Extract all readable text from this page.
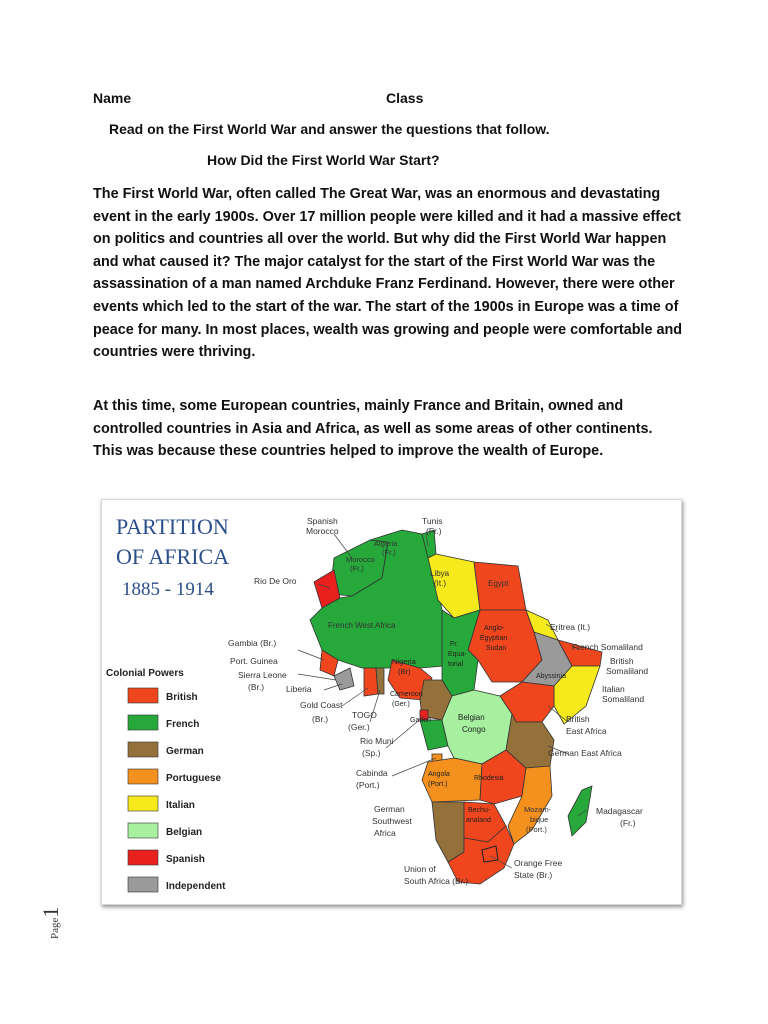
Name	Class
Read on the First World War and answer the questions that follow.
How Did the First World War Start?

The First World War, often called The Great War, was an enormous and devastating event in the early 1900s. Over 17 million people were killed and it had a massive effect on politics and countries all over the world. But why did the First World War happen and what caused it? The major catalyst for the start of the First World War was the assassination of a man named Archduke Franz Ferdinand. However, there were other events which led to the start of the war. The start of the 1900s in Europe was a time of peace for many. In most places, wealth was growing and people were comfortable and countries were thriving.

At this time, some European countries, mainly France and Britain, owned and controlled countries in Asia and Africa, as well as some areas of other continents. This was because these countries helped to improve the wealth of Europe.

PARTITION
OF AFRICA
1885 - 1914
Spanish
Morocco
Tunis
(Fr.)
Algeria
(Fr.)
Morocco
(Fr.)
Libya
(It.)	Egypt
Rio De Oro
French West Africa	Eritrea (It.)
French Somaliland
British
Somaliland
Italian
Somaliland
Gambia (Br.)
Port. Guinea
Sierra Leone
(Br.)	Liberia
Gold Coast
(Br.)	TOGO
(Ger.)
Rio Muni
(Sp.)
Cabinda
(Port.)
German
Southwest
Africa
Union of
South Africa (Br.)
Orange Free
State (Br.)
Madagascar
(Fr.)
Mozam-
bique
(Port.)
British
East Africa
German East Africa
Nigeria
(Br)
Cameroon
(Ger.)
Gabon	Belgian
Congo
Angola
(Port.)
Rhodesia
Bechu-
analand
Anglo-
Egyptian
Sudan
Fr.
Equa-
torial
Abyssinia
Colonial Powers
British
French
German
Portuguese
Italian
Belgian
Spanish
Independent
Page1
